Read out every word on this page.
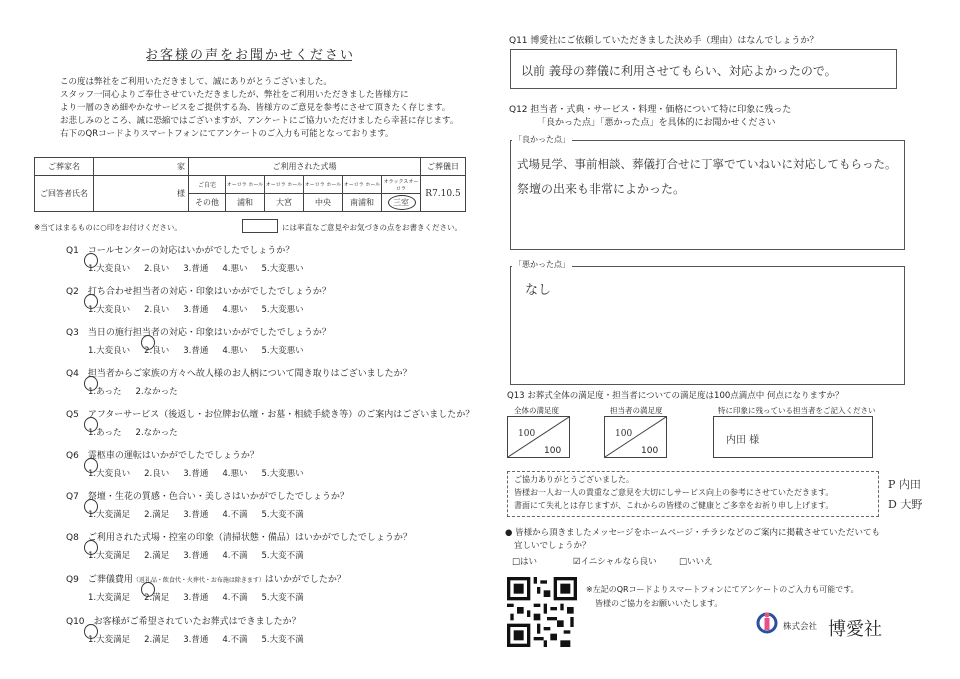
お客様の声をお聞かせください
この度は弊社をご利用いただきまして、誠にありがとうございました。
スタッフ一同心よりご奉仕させていただきましたが、弊社をご利用いただきました皆様方に
より一層のきめ細やかなサービスをご提供する為、皆様方のご意見を参考にさせて頂きたく存じます。
お悲しみのところ、誠に恐縮ではございますが、アンケートにご協力いただけましたら幸甚に存じます。
右下のQRコードよりスマートフォンにてアンケートのご入力も可能となっております。
ご葬家名		家	ご利用された式場						ご葬儀日
ご回答者氏名		様	ご自宅	オーロラ ホール	オーロラ ホール	オーロラ ホール	オーロラ ホール	オラックスオーロラ	R7.10.5
			その他	浦和	大宮	中央	南浦和	三室	
※当てはまるものに○印をお付けください。	には率直なご意見やお気づきの点をお書きください。
Q1　 コールセンターの対応はいかがでしたでしょうか？
1.大変良い 2.良い 3.普通 4.悪い 5.大変悪い
Q2　 打ち合わせ担当者の対応・印象はいかがでしたでしょうか？
1.大変良い 2.良い 3.普通 4.悪い 5.大変悪い
Q3　 当日の施行担当者の対応・印象はいかがでしたでしょうか？
1.大変良い 2.良い 3.普通 4.悪い 5.大変悪い
Q4　 担当者からご家族の方々へ故人様のお人柄について聞き取りはございましたか？
1.あった 2.なかった
Q5　 アフターサービス（後返し・お位牌お仏壇・お墓・相続手続き等）のご案内はございましたか？
1.あった 2.なかった
Q6　 霊柩車の運転はいかがでしたでしょうか？
1.大変良い 2.良い 3.普通 4.悪い 5.大変悪い
Q7　 祭壇・生花の質感・色合い・美しさはいかがでしたでしょうか？
1.大変満足 2.満足 3.普通 4.不満 5.大変不満
Q8　 ご利用された式場・控室の印象（清掃状態・備品）はいかがでしたでしょうか？
1.大変満足 2.満足 3.普通 4.不満 5.大変不満
Q9　 ご葬儀費用（返礼品・飲食代・火葬代・お布施は除きます）はいかがでしたか？
1.大変満足 2.満足 3.普通 4.不満 5.大変不満
Q10　 お客様がご希望されていたお葬式はできましたか？
1.大変満足 2.満足 3.普通 4.不満 5.大変不満
Q11 博愛社にご依頼していただきました決め手（理由）はなんでしょうか？
以前 義母の葬儀に利用させてもらい、対応よかったので。
Q12 担当者・式典・サービス・料理・価格について特に印象に残った
「良かった点」「悪かった点」を具体的にお聞かせください
式場見学、事前相談、葬儀打合せに丁寧でていねいに対応してもらった。
祭壇の出来も非常によかった。
「良かった点」
なし
「悪かった点」
Q13 お葬式全体の満足度・担当者についての満足度は100点満点中 何点になりますか？
全体の満足度
100
100
担当者の満足度
100
100
特に印象に残っている担当者をご記入ください
内田 様
ご協力ありがとうございました。
皆様お一人お一人の貴重なご意見を大切にしサービス向上の参考にさせていただきます。
書面にて失礼とは存じますが、これからの皆様のご健康とご多幸をお祈り申し上げます。
P 内田
D 大野
● 皆様から頂きましたメッセージをホームページ・チラシなどのご案内に掲載させていただいても
宜しいでしょうか？
□はい	☑イニシャルなら良い	□いいえ
※左記のQRコードよりスマートフォンにてアンケートのご入力も可能です。
皆様のご協力をお願いいたします。
株式会社 博愛社
